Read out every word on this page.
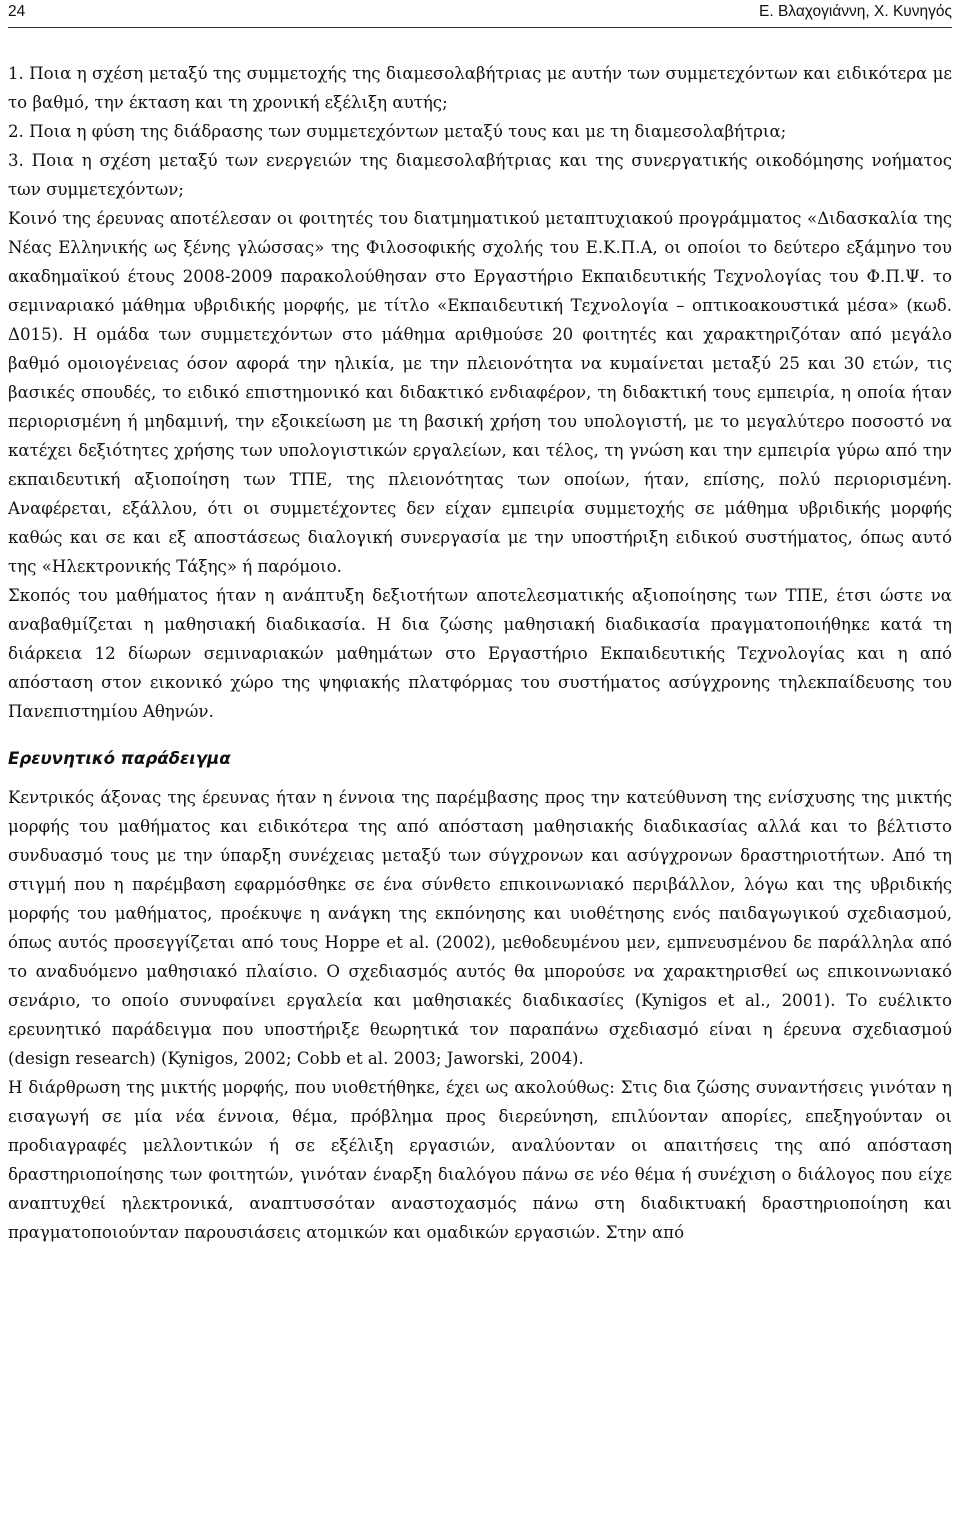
24	Ε. Βλαχογιάννη, Χ. Κυνηγός

1. Ποια η σχέση μεταξύ της συμμετοχής της διαμεσολαβήτριας με αυτήν των συμμετεχόντων και ειδικότερα με το βαθμό, την έκταση και τη χρονική εξέλιξη αυτής;

2. Ποια η φύση της διάδρασης των συμμετεχόντων μεταξύ τους και με τη διαμεσολαβήτρια;

3. Ποια η σχέση μεταξύ των ενεργειών της διαμεσολαβήτριας και της συνεργατικής οικοδόμησης νοήματος των συμμετεχόντων;

Κοινό της έρευνας αποτέλεσαν οι φοιτητές του διατμηματικού μεταπτυχιακού προγράμματος «Διδασκαλία της Νέας Ελληνικής ως ξένης γλώσσας» της Φιλοσοφικής σχολής του Ε.Κ.Π.Α, οι οποίοι το δεύτερο εξάμηνο του ακαδημαϊκού έτους 2008-2009 παρακολούθησαν στο Εργαστήριο Εκπαιδευτικής Τεχνολογίας του Φ.Π.Ψ. το σεμιναριακό μάθημα υβριδικής μορφής, με τίτλο «Εκπαιδευτική Τεχνολογία – οπτικοακουστικά μέσα» (κωδ. Δ015). Η ομάδα των συμμετεχόντων στο μάθημα αριθμούσε 20 φοιτητές και χαρακτηριζόταν από μεγάλο βαθμό ομοιογένειας όσον αφορά την ηλικία, με την πλειονότητα να κυμαίνεται μεταξύ 25 και 30 ετών, τις βασικές σπουδές, το ειδικό επιστημονικό και διδακτικό ενδιαφέρον, τη διδακτική τους εμπειρία, η οποία ήταν περιορισμένη ή μηδαμινή, την εξοικείωση με τη βασική χρήση του υπολογιστή, με το μεγαλύτερο ποσοστό να κατέχει δεξιότητες χρήσης των υπολογιστικών εργαλείων, και τέλος, τη γνώση και την εμπειρία γύρω από την εκπαιδευτική αξιοποίηση των ΤΠΕ, της πλειονότητας των οποίων, ήταν, επίσης, πολύ περιορισμένη. Αναφέρεται, εξάλλου, ότι οι συμμετέχοντες δεν είχαν εμπειρία συμμετοχής σε μάθημα υβριδικής μορφής καθώς και σε και εξ αποστάσεως διαλογική συνεργασία με την υποστήριξη ειδικού συστήματος, όπως αυτό της «Ηλεκτρονικής Τάξης» ή παρόμοιο.

Σκοπός του μαθήματος ήταν η ανάπτυξη δεξιοτήτων αποτελεσματικής αξιοποίησης των ΤΠΕ, έτσι ώστε να αναβαθμίζεται η μαθησιακή διαδικασία. Η δια ζώσης μαθησιακή διαδικασία πραγματοποιήθηκε κατά τη διάρκεια 12 δίωρων σεμιναριακών μαθημάτων στο Εργαστήριο Εκπαιδευτικής Τεχνολογίας και η από απόσταση στον εικονικό χώρο της ψηφιακής πλατφόρμας του συστήματος ασύγχρονης τηλεκπαίδευσης του Πανεπιστημίου Αθηνών.

Ερευνητικό παράδειγμα

Κεντρικός άξονας της έρευνας ήταν η έννοια της παρέμβασης προς την κατεύθυνση της ενίσχυσης της μικτής μορφής του μαθήματος και ειδικότερα της από απόσταση μαθησιακής διαδικασίας αλλά και το βέλτιστο συνδυασμό τους με την ύπαρξη συνέχειας μεταξύ των σύγχρονων και ασύγχρονων δραστηριοτήτων. Από τη στιγμή που η παρέμβαση εφαρμόσθηκε σε ένα σύνθετο επικοινωνιακό περιβάλλον, λόγω και της υβριδικής μορφής του μαθήματος, προέκυψε η ανάγκη της εκπόνησης και υιοθέτησης ενός παιδαγωγικού σχεδιασμού, όπως αυτός προσεγγίζεται από τους Hoppe et al. (2002), μεθοδευμένου μεν, εμπνευσμένου δε παράλληλα από το αναδυόμενο μαθησιακό πλαίσιο. Ο σχεδιασμός αυτός θα μπορούσε να χαρακτηρισθεί ως επικοινωνιακό σενάριο, το οποίο συνυφαίνει εργαλεία και μαθησιακές διαδικασίες (Kynigos et al., 2001). Το ευέλικτο ερευνητικό παράδειγμα που υποστήριξε θεωρητικά τον παραπάνω σχεδιασμό είναι η έρευνα σχεδιασμού (design research) (Kynigos, 2002; Cobb et al. 2003; Jaworski, 2004).

Η διάρθρωση της μικτής μορφής, που υιοθετήθηκε, έχει ως ακολούθως: Στις δια ζώσης συναντήσεις γινόταν η εισαγωγή σε μία νέα έννοια, θέμα, πρόβλημα προς διερεύνηση, επιλύονταν απορίες, επεξηγούνταν οι προδιαγραφές μελλοντικών ή σε εξέλιξη εργασιών, αναλύονταν οι απαιτήσεις της από απόσταση δραστηριοποίησης των φοιτητών, γινόταν έναρξη διαλόγου πάνω σε νέο θέμα ή συνέχιση ο διάλογος που είχε αναπτυχθεί ηλεκτρονικά, αναπτυσσόταν αναστοχασμός πάνω στη διαδικτυακή δραστηριοποίηση και πραγματοποιούνταν παρουσιάσεις ατομικών και ομαδικών εργασιών. Στην από
